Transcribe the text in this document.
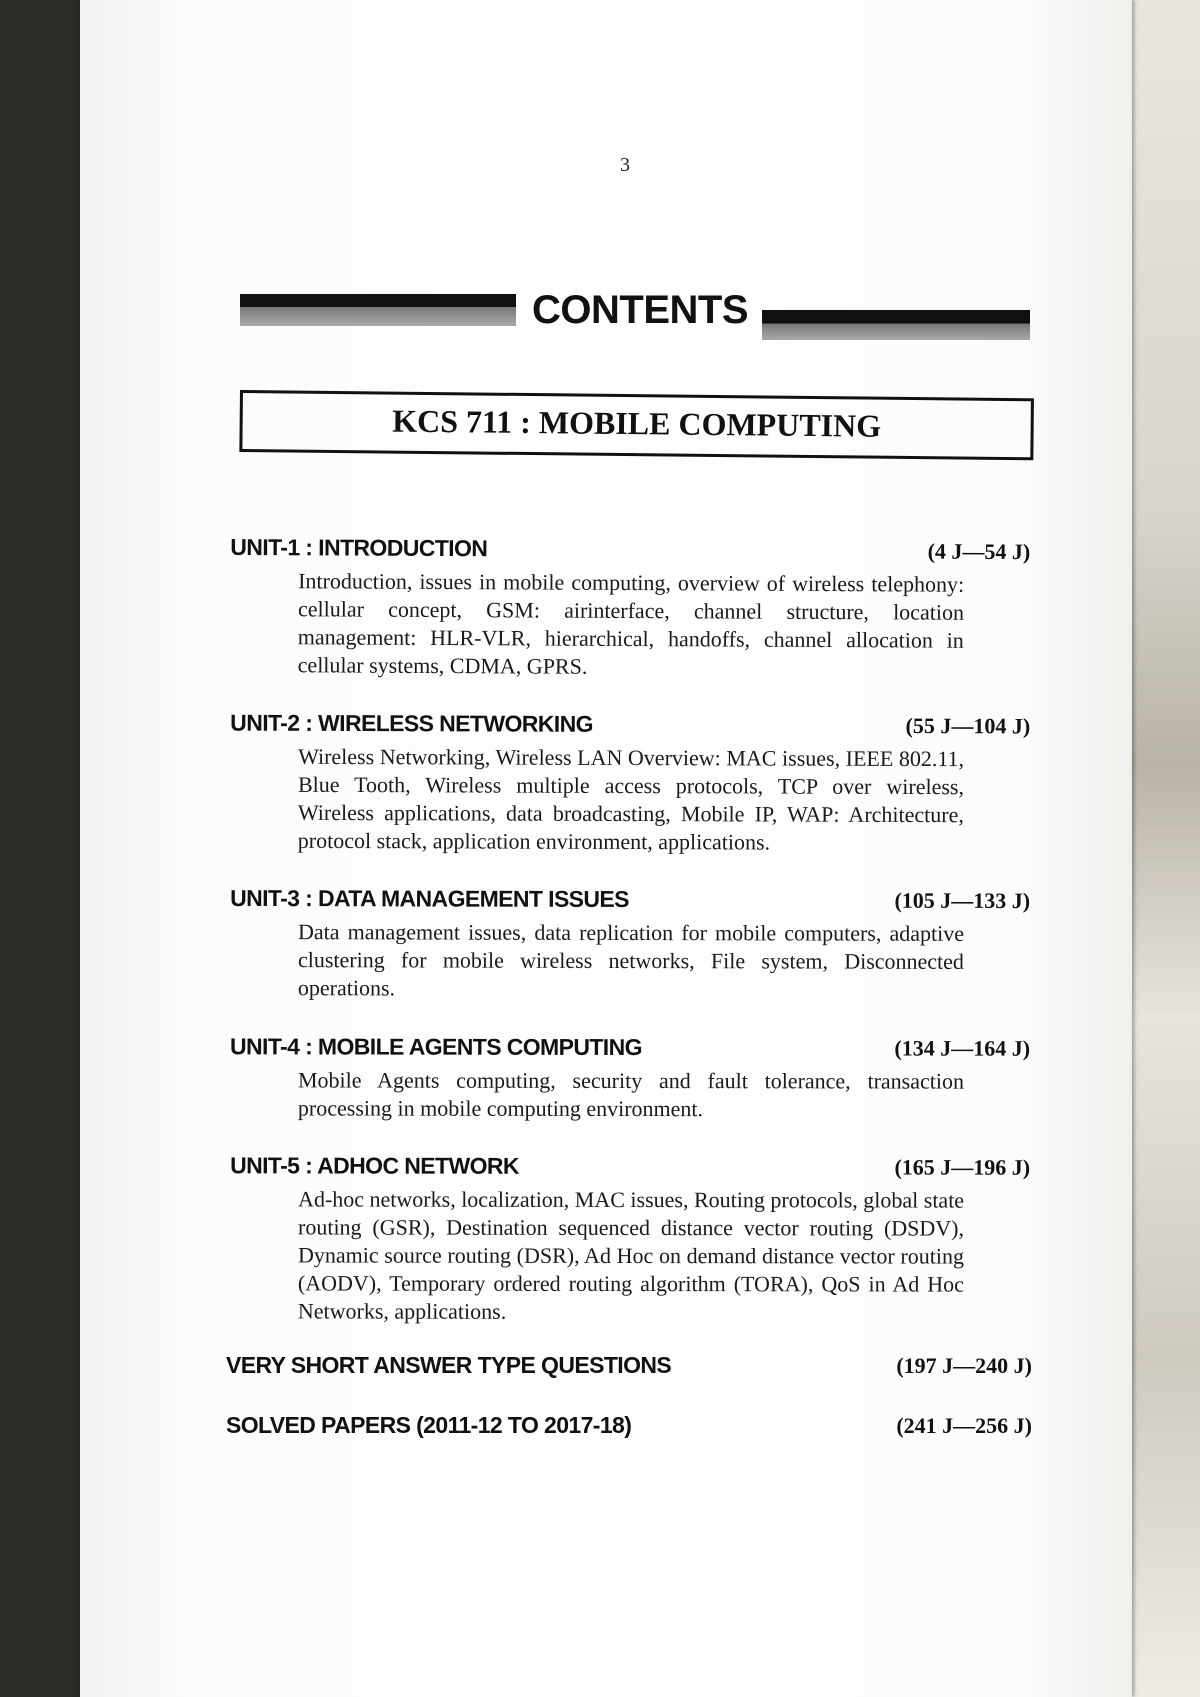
3
CONTENTS
KCS 711 : MOBILE COMPUTING
UNIT-1 : INTRODUCTION	(4 J—54 J)
Introduction, issues in mobile computing, overview of wireless telephony: cellular concept, GSM: airinterface, channel structure, location management: HLR-VLR, hierarchical, handoffs, channel allocation in cellular systems, CDMA, GPRS.
UNIT-2 : WIRELESS NETWORKING	(55 J—104 J)
Wireless Networking, Wireless LAN Overview: MAC issues, IEEE 802.11, Blue Tooth, Wireless multiple access protocols, TCP over wireless, Wireless applications, data broadcasting, Mobile IP, WAP: Architecture, protocol stack, application environment, applications.
UNIT-3 : DATA MANAGEMENT ISSUES	(105 J—133 J)
Data management issues, data replication for mobile computers, adaptive clustering for mobile wireless networks, File system, Disconnected operations.
UNIT-4 : MOBILE AGENTS COMPUTING	(134 J—164 J)
Mobile Agents computing, security and fault tolerance, transaction processing in mobile computing environment.
UNIT-5 : ADHOC NETWORK	(165 J—196 J)
Ad-hoc networks, localization, MAC issues, Routing protocols, global state routing (GSR), Destination sequenced distance vector routing (DSDV), Dynamic source routing (DSR), Ad Hoc on demand distance vector routing (AODV), Temporary ordered routing algorithm (TORA), QoS in Ad Hoc Networks, applications.
VERY SHORT ANSWER TYPE QUESTIONS	(197 J—240 J)
SOLVED PAPERS (2011-12 TO 2017-18)	(241 J—256 J)
